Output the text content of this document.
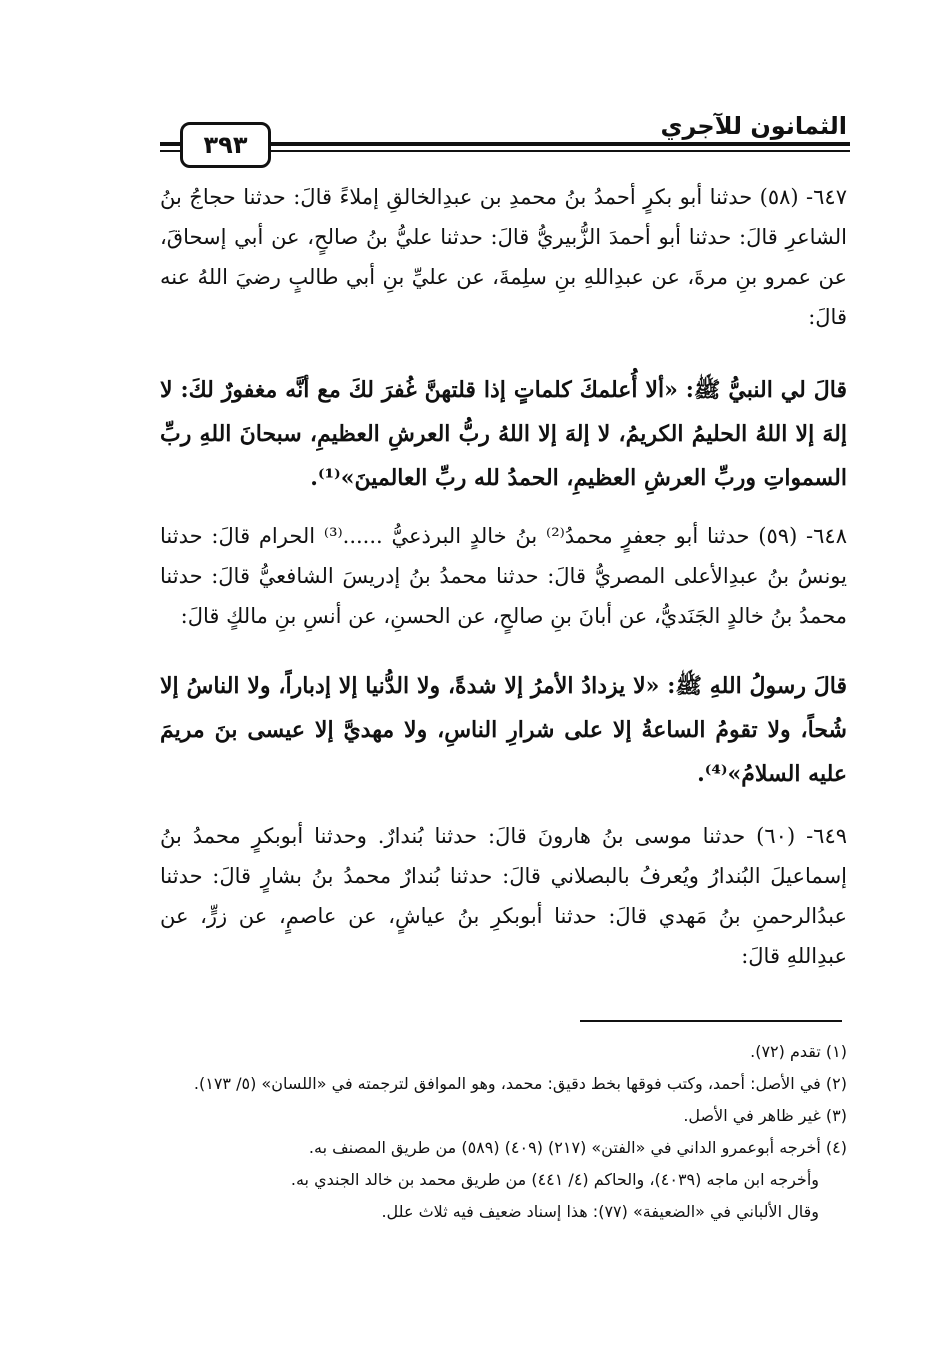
الثمانون للآجري
٣٩٣
٦٤٧- (٥٨) حدثنا أبو بكرٍ أحمدُ بنُ محمدِ بن عبدِالخالقِ إملاءً قالَ: حدثنا حجاجُ بنُ الشاعرِ قالَ: حدثنا أبو أحمدَ الزُّبيريُّ قالَ: حدثنا عليُّ بنُ صالحٍ، عن أبي إسحاقَ، عن عمرو بنِ مرةَ، عن عبدِاللهِ بنِ سلِمةَ، عن عليِّ بنِ أبي طالبٍ رضيَ اللهُ عنه قالَ:
قالَ لي النبيُّ ﷺ: «ألا أُعلمكَ كلماتٍ إذا قلتهنَّ غُفرَ لكَ مع أنَّه مغفورٌ لكَ: لا إلهَ إلا اللهُ الحليمُ الكريمُ، لا إلهَ إلا اللهُ ربُّ العرشِ العظيمِ، سبحانَ اللهِ ربِّ السمواتِ وربِّ العرشِ العظيمِ، الحمدُ لله ربِّ العالمينَ»⁽¹⁾.
٦٤٨- (٥٩) حدثنا أبو جعفرٍ محمدُ⁽²⁾ بنُ خالدٍ البرذعيُّ ......⁽³⁾ الحرام قالَ: حدثنا يونسُ بنُ عبدِالأعلى المصريُّ قالَ: حدثنا محمدُ بنُ إدريسَ الشافعيُّ قالَ: حدثنا محمدُ بنُ خالدٍ الجَنَديُّ، عن أبانَ بنِ صالحٍ، عن الحسنِ، عن أنسِ بنِ مالكٍ قالَ:
قالَ رسولُ اللهِ ﷺ: «لا يزدادُ الأمرُ إلا شدةً، ولا الدُّنيا إلا إدباراً، ولا الناسُ إلا شُحاً، ولا تقومُ الساعةُ إلا على شرارِ الناسِ، ولا مهديَّ إلا عيسى بنَ مريمَ عليه السلامُ»⁽⁴⁾.
٦٤٩- (٦٠) حدثنا موسى بنُ هارونَ قالَ: حدثنا بُندارٌ. وحدثنا أبوبكرٍ محمدُ بنُ إسماعيلَ البُندارُ ويُعرفُ بالبصلاني قالَ: حدثنا بُندارٌ محمدُ بنُ بشارٍ قالَ: حدثنا عبدُالرحمنِ بنُ مَهدي قالَ: حدثنا أبوبكرِ بنُ عياشٍ، عن عاصمٍ، عن زرٍّ، عن عبدِاللهِ قالَ:
(١) تقدم (٧٢).
(٢) في الأصل: أحمد، وكتب فوقها بخط دقيق: محمد، وهو الموافق لترجمته في «اللسان» (٥/ ١٧٣).
(٣) غير ظاهر في الأصل.
(٤) أخرجه أبوعمرو الداني في «الفتن» (٢١٧) (٤٠٩) (٥٨٩) من طريق المصنف به.
وأخرجه ابن ماجه (٤٠٣٩)، والحاكم (٤/ ٤٤١) من طريق محمد بن خالد الجندي به.
وقال الألباني في «الضعيفة» (٧٧): هذا إسناد ضعيف فيه ثلاث علل.
